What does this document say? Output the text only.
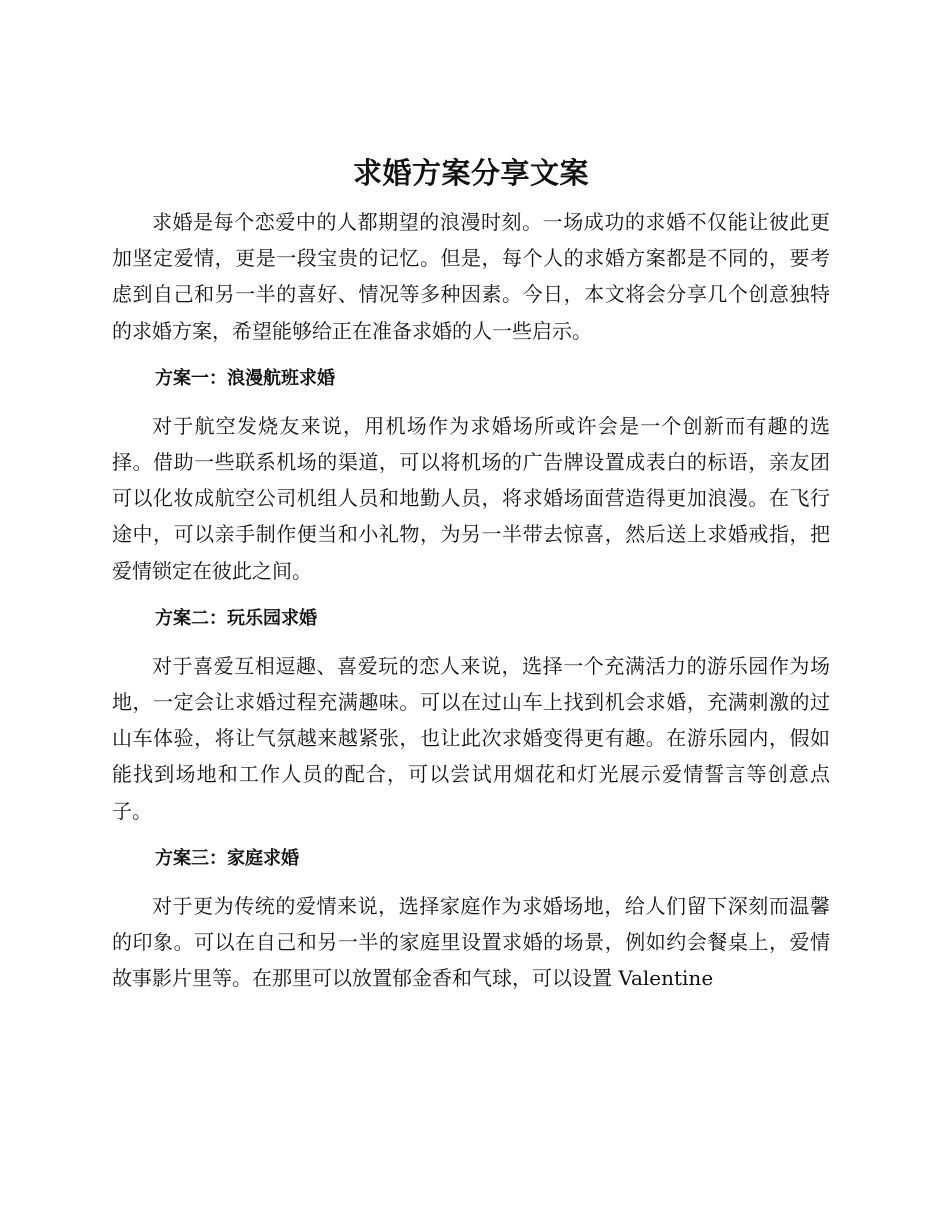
求婚方案分享文案

求婚是每个恋爱中的人都期望的浪漫时刻。一场成功的求婚不仅能让彼此更加坚定爱情，更是一段宝贵的记忆。但是，每个人的求婚方案都是不同的，要考虑到自己和另一半的喜好、情况等多种因素。今日，本文将会分享几个创意独特的求婚方案，希望能够给正在准备求婚的人一些启示。

方案一：浪漫航班求婚

对于航空发烧友来说，用机场作为求婚场所或许会是一个创新而有趣的选择。借助一些联系机场的渠道，可以将机场的广告牌设置成表白的标语，亲友团可以化妆成航空公司机组人员和地勤人员，将求婚场面营造得更加浪漫。在飞行途中，可以亲手制作便当和小礼物，为另一半带去惊喜，然后送上求婚戒指，把爱情锁定在彼此之间。

方案二：玩乐园求婚

对于喜爱互相逗趣、喜爱玩的恋人来说，选择一个充满活力的游乐园作为场地，一定会让求婚过程充满趣味。可以在过山车上找到机会求婚，充满刺激的过山车体验，将让气氛越来越紧张，也让此次求婚变得更有趣。在游乐园内，假如能找到场地和工作人员的配合，可以尝试用烟花和灯光展示爱情誓言等创意点子。

方案三：家庭求婚

对于更为传统的爱情来说，选择家庭作为求婚场地，给人们留下深刻而温馨的印象。可以在自己和另一半的家庭里设置求婚的场景，例如约会餐桌上，爱情故事影片里等。在那里可以放置郁金香和气球，可以设置 Valentine
